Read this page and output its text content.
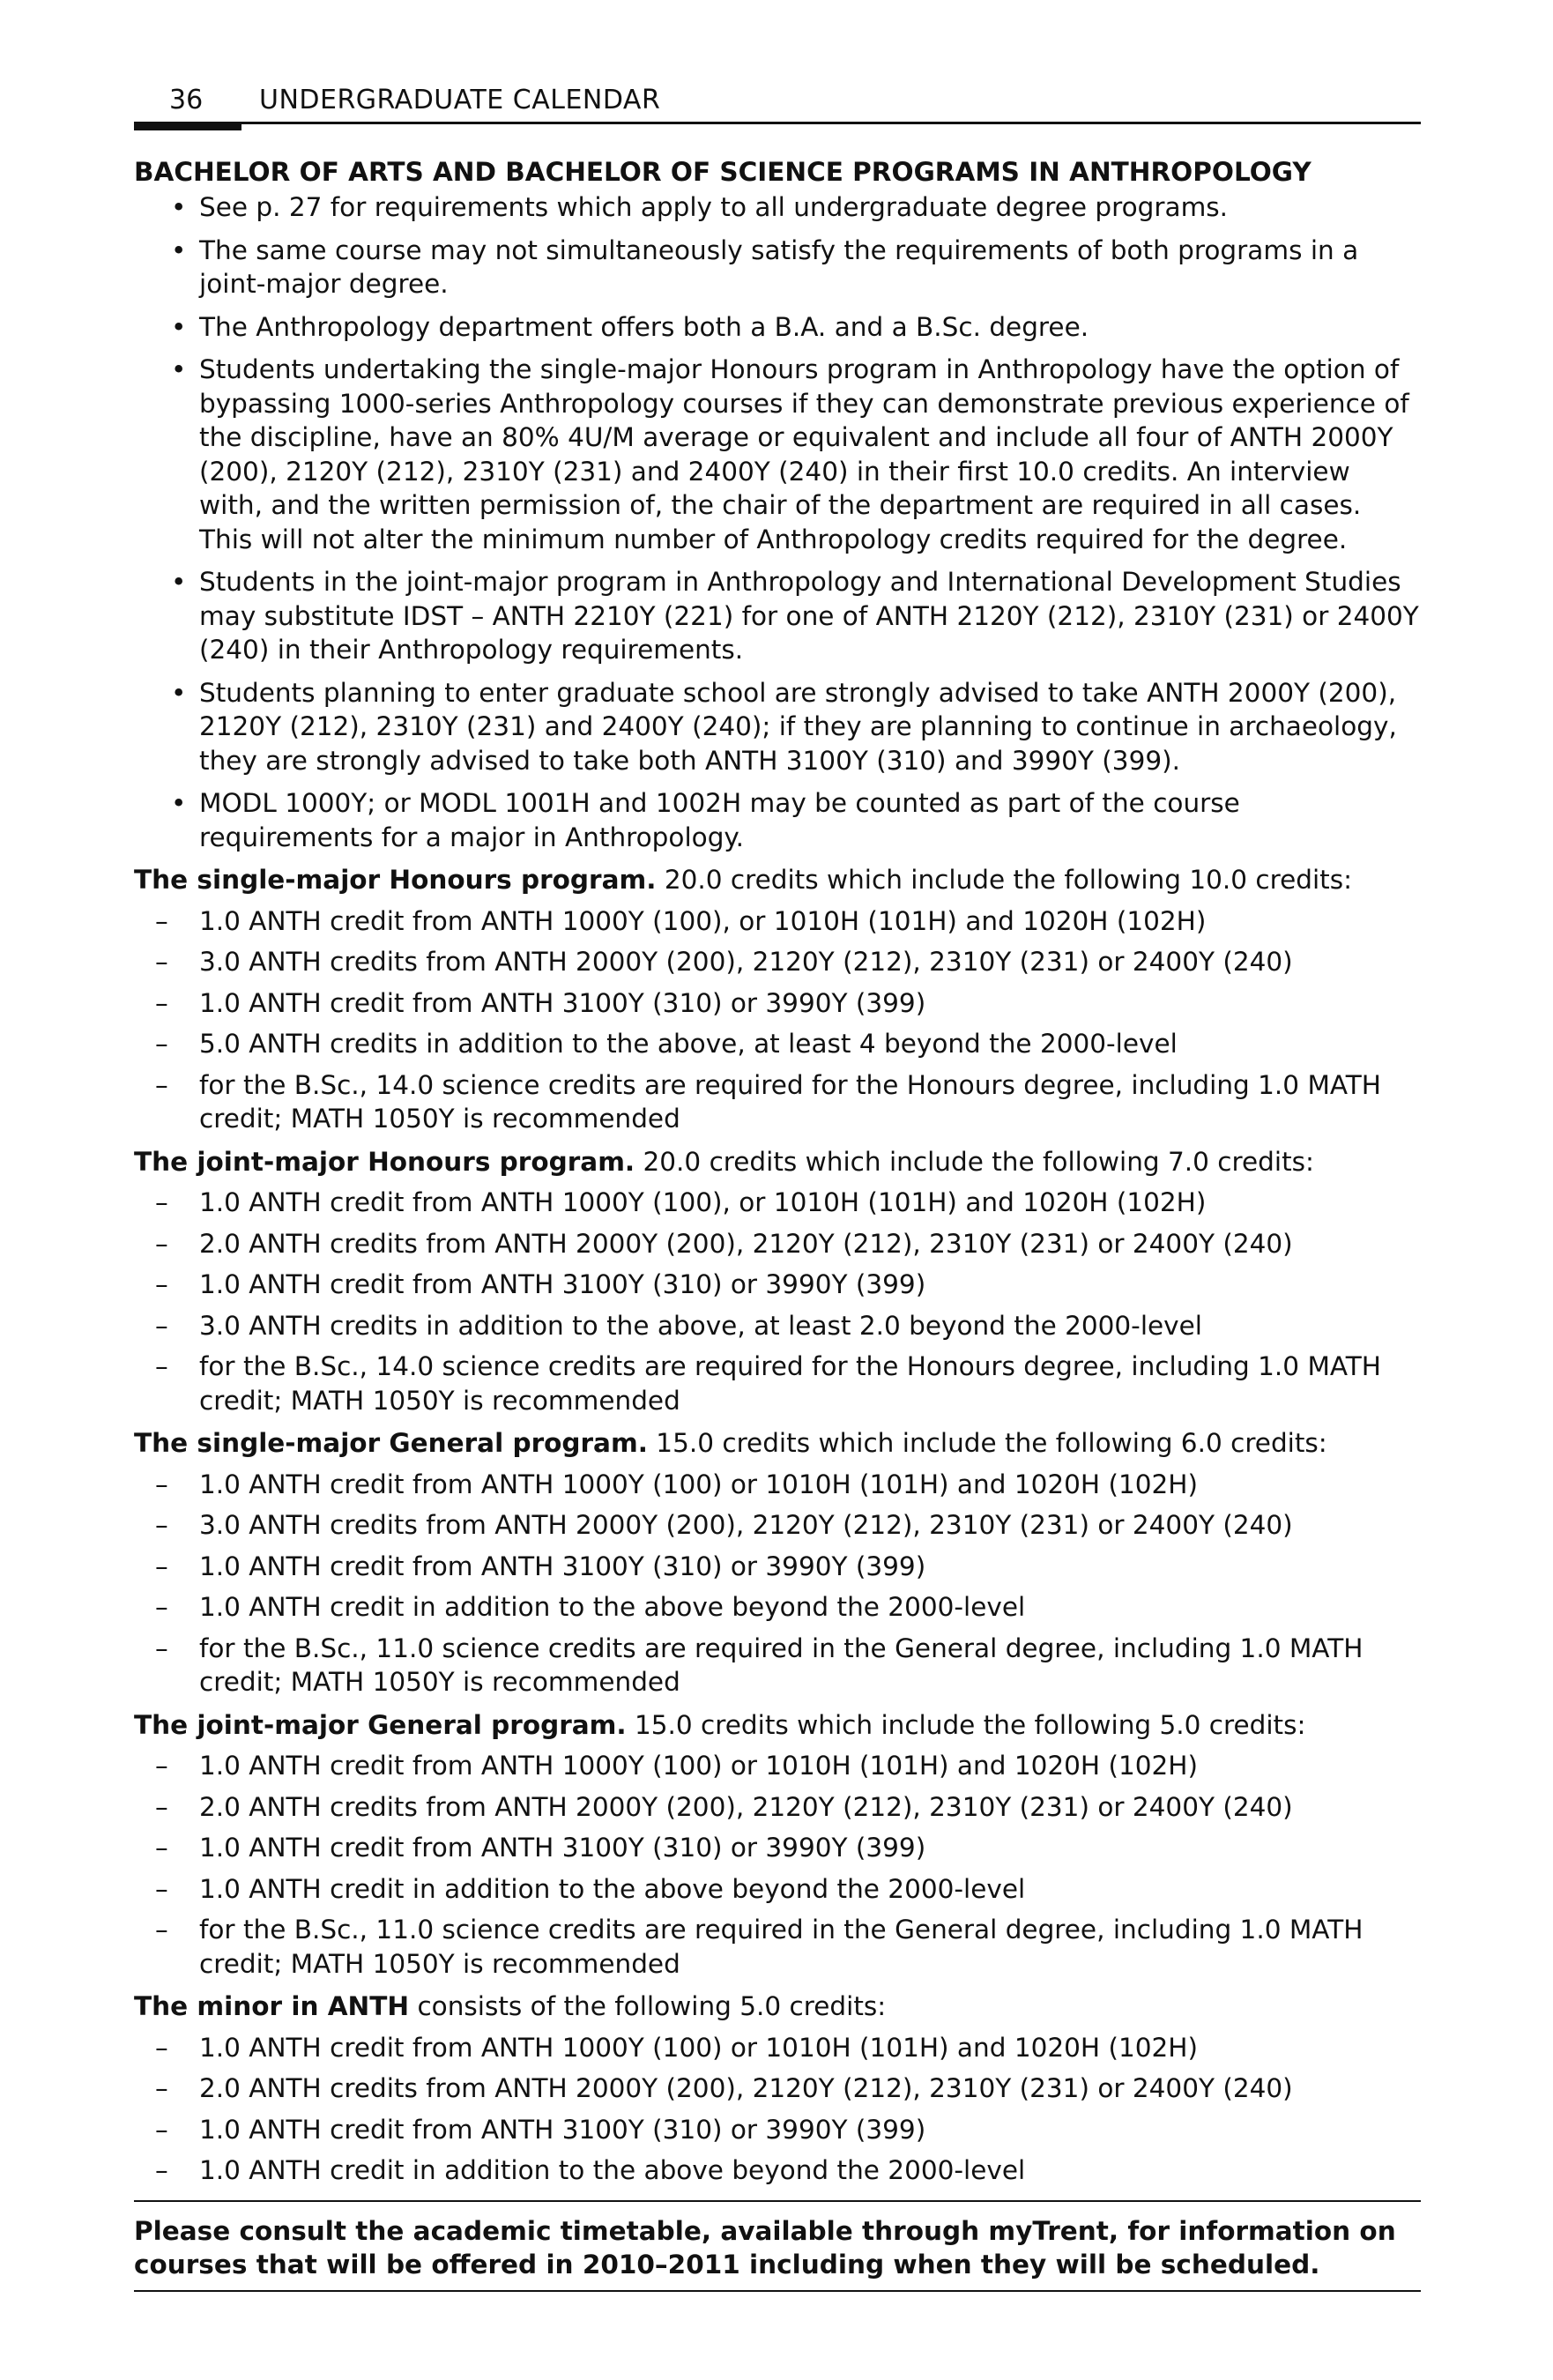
36 UNDERGRADUATE CALENDAR
BACHELOR OF ARTS AND BACHELOR OF SCIENCE PROGRAMS IN ANTHROPOLOGY
• See p. 27 for requirements which apply to all undergraduate degree programs.
• The same course may not simultaneously satisfy the requirements of both programs in a joint-major degree.
• The Anthropology department offers both a B.A. and a B.Sc. degree.
• Students undertaking the single-major Honours program in Anthropology have the option of bypassing 1000-series Anthropology courses if they can demonstrate previous experience of the discipline, have an 80% 4U/M average or equivalent and include all four of ANTH 2000Y (200), 2120Y (212), 2310Y (231) and 2400Y (240) in their first 10.0 credits. An interview with, and the written permission of, the chair of the department are required in all cases. This will not alter the minimum number of Anthropology credits required for the degree.
• Students in the joint-major program in Anthropology and International Development Studies may substitute IDST – ANTH 2210Y (221) for one of ANTH 2120Y (212), 2310Y (231) or 2400Y (240) in their Anthropology requirements.
• Students planning to enter graduate school are strongly advised to take ANTH 2000Y (200), 2120Y (212), 2310Y (231) and 2400Y (240); if they are planning to continue in archaeology, they are strongly advised to take both ANTH 3100Y (310) and 3990Y (399).
• MODL 1000Y; or MODL 1001H and 1002H may be counted as part of the course requirements for a major in Anthropology.
The single-major Honours program. 20.0 credits which include the following 10.0 credits:
– 1.0 ANTH credit from ANTH 1000Y (100), or 1010H (101H) and 1020H (102H)
– 3.0 ANTH credits from ANTH 2000Y (200), 2120Y (212), 2310Y (231) or 2400Y (240)
– 1.0 ANTH credit from ANTH 3100Y (310) or 3990Y (399)
– 5.0 ANTH credits in addition to the above, at least 4 beyond the 2000-level
– for the B.Sc., 14.0 science credits are required for the Honours degree, including 1.0 MATH credit; MATH 1050Y is recommended
The joint-major Honours program. 20.0 credits which include the following 7.0 credits:
– 1.0 ANTH credit from ANTH 1000Y (100), or 1010H (101H) and 1020H (102H)
– 2.0 ANTH credits from ANTH 2000Y (200), 2120Y (212), 2310Y (231) or 2400Y (240)
– 1.0 ANTH credit from ANTH 3100Y (310) or 3990Y (399)
– 3.0 ANTH credits in addition to the above, at least 2.0 beyond the 2000-level
– for the B.Sc., 14.0 science credits are required for the Honours degree, including 1.0 MATH credit; MATH 1050Y is recommended
The single-major General program. 15.0 credits which include the following 6.0 credits:
– 1.0 ANTH credit from ANTH 1000Y (100) or 1010H (101H) and 1020H (102H)
– 3.0 ANTH credits from ANTH 2000Y (200), 2120Y (212), 2310Y (231) or 2400Y (240)
– 1.0 ANTH credit from ANTH 3100Y (310) or 3990Y (399)
– 1.0 ANTH credit in addition to the above beyond the 2000-level
– for the B.Sc., 11.0 science credits are required in the General degree, including 1.0 MATH credit; MATH 1050Y is recommended
The joint-major General program. 15.0 credits which include the following 5.0 credits:
– 1.0 ANTH credit from ANTH 1000Y (100) or 1010H (101H) and 1020H (102H)
– 2.0 ANTH credits from ANTH 2000Y (200), 2120Y (212), 2310Y (231) or 2400Y (240)
– 1.0 ANTH credit from ANTH 3100Y (310) or 3990Y (399)
– 1.0 ANTH credit in addition to the above beyond the 2000-level
– for the B.Sc., 11.0 science credits are required in the General degree, including 1.0 MATH credit; MATH 1050Y is recommended
The minor in ANTH consists of the following 5.0 credits:
– 1.0 ANTH credit from ANTH 1000Y (100) or 1010H (101H) and 1020H (102H)
– 2.0 ANTH credits from ANTH 2000Y (200), 2120Y (212), 2310Y (231) or 2400Y (240)
– 1.0 ANTH credit from ANTH 3100Y (310) or 3990Y (399)
– 1.0 ANTH credit in addition to the above beyond the 2000-level
Please consult the academic timetable, available through myTrent, for information on courses that will be offered in 2010–2011 including when they will be scheduled.
